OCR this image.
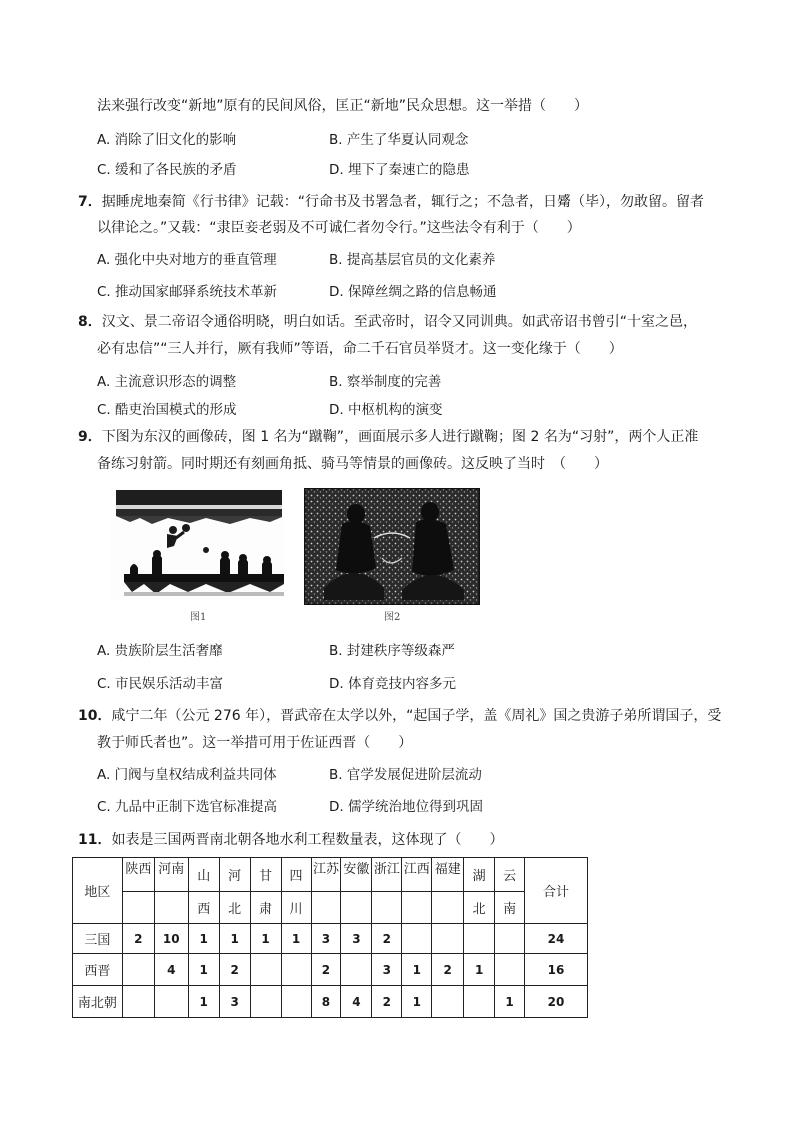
法来强行改变“新地”原有的民间风俗，匡正“新地”民众思想。这一举措（　　）
A. 消除了旧文化的影响	B. 产生了华夏认同观念
C. 缓和了各民族的矛盾	D. 埋下了秦速亡的隐患
7．据睡虎地秦简《行书律》记载：“行命书及书署急者，辄行之；不急者，日觱（毕），勿敢留。留者
以律论之。”又载：“隶臣妾老弱及不可诚仁者勿令行。”这些法令有利于（　　）
A. 强化中央对地方的垂直管理	B. 提高基层官员的文化素养
C. 推动国家邮驿系统技术革新	D. 保障丝绸之路的信息畅通
8．汉文、景二帝诏令通俗明晓，明白如话。至武帝时，诏令又同训典。如武帝诏书曾引“十室之邑，
必有忠信”“三人并行，厥有我师”等语，命二千石官员举贤才。这一变化缘于（　　）
A. 主流意识形态的调整	B. 察举制度的完善
C. 酷吏治国模式的形成	D. 中枢机构的演变
9．下图为东汉的画像砖，图 1 名为“蹴鞠”，画面展示多人进行蹴鞠；图 2 名为“习射”，两个人正准
备练习射箭。同时期还有刻画角抵、骑马等情景的画像砖。这反映了当时　（　　）
图1	图2
A. 贵族阶层生活奢靡	B. 封建秩序等级森严
C. 市民娱乐活动丰富	D. 体育竞技内容多元
10．咸宁二年（公元 276 年），晋武帝在太学以外，“起国子学，盖《周礼》国之贵游子弟所谓国子，受
教于师氏者也”。这一举措可用于佐证西晋（　　）
A. 门阀与皇权结成利益共同体	B. 官学发展促进阶层流动
C. 九品中正制下选官标准提高	D. 儒学统治地位得到巩固
11．如表是三国两晋南北朝各地水利工程数量表，这体现了（　　）
地区	陕西	河南	山	河	甘	四	江苏	安徽	浙江	江西	福建	湖	云	合计
			西	北	肃	川						北	南	
三国	2	10	1	1	1	1	3	3	2					24
西晋		4	1	2			2		3	1	2	1		16
南北朝			1	3			8	4	2	1			1	20
